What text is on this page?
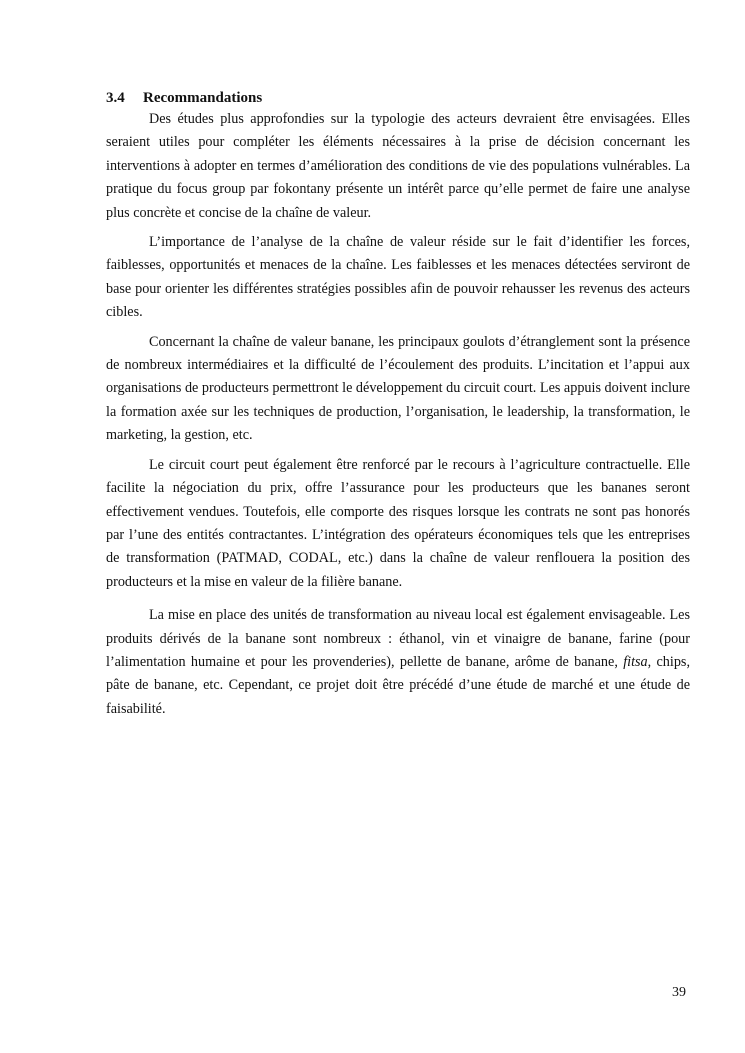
3.4	Recommandations

Des études plus approfondies sur la typologie des acteurs devraient être envisagées. Elles seraient utiles pour compléter les éléments nécessaires à la prise de décision concernant les interventions à adopter en termes d’amélioration des conditions de vie des populations vulnérables. La pratique du focus group par fokontany présente un intérêt parce qu’elle permet de faire une analyse plus concrète et concise de la chaîne de valeur.

L’importance de l’analyse de la chaîne de valeur réside sur le fait d’identifier les forces, faiblesses, opportunités et menaces de la chaîne. Les faiblesses et les menaces détectées serviront de base pour orienter les différentes stratégies possibles afin de pouvoir rehausser les revenus des acteurs cibles.

Concernant la chaîne de valeur banane, les principaux goulots d’étranglement sont la présence de nombreux intermédiaires et la difficulté de l’écoulement des produits. L’incitation et l’appui aux organisations de producteurs permettront le développement du circuit court. Les appuis doivent inclure la formation axée sur les techniques de production, l’organisation, le leadership, la transformation, le marketing, la gestion, etc.

Le circuit court peut également être renforcé par le recours à l’agriculture contractuelle. Elle facilite la négociation du prix, offre l’assurance pour les producteurs que les bananes seront effectivement vendues. Toutefois, elle comporte des risques lorsque les contrats ne sont pas honorés par l’une des entités contractantes. L’intégration des opérateurs économiques tels que les entreprises de transformation (PATMAD, CODAL, etc.) dans la chaîne de valeur renflouera la position des producteurs et la mise en valeur de la filière banane.

La mise en place des unités de transformation au niveau local est également envisageable. Les produits dérivés de la banane sont nombreux : éthanol, vin et vinaigre de banane, farine (pour l’alimentation humaine et pour les provenderies), pellette de banane, arôme de banane, fitsa, chips, pâte de banane, etc. Cependant, ce projet doit être précédé d’une étude de marché et une étude de faisabilité.

39
